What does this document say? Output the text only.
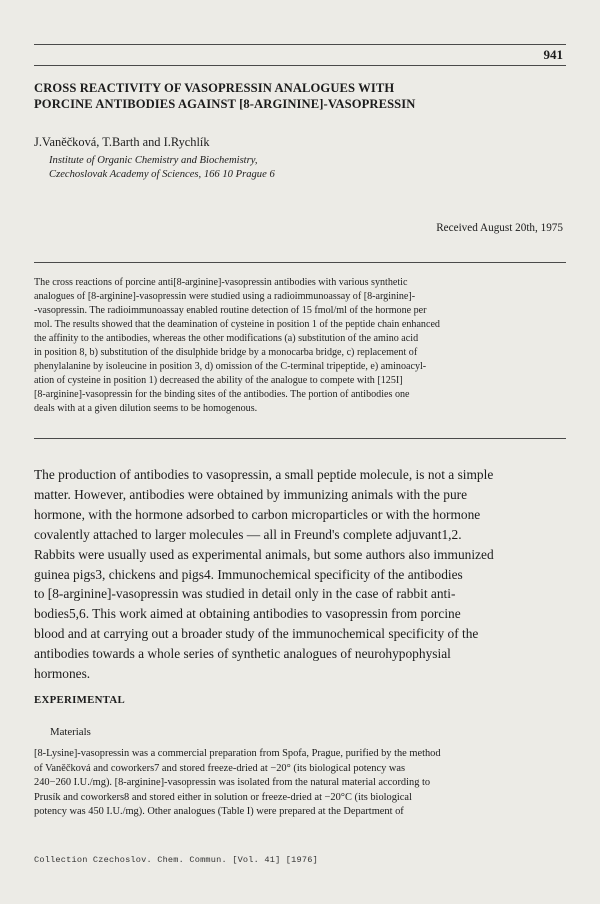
941
CROSS REACTIVITY OF VASOPRESSIN ANALOGUES WITH
PORCINE ANTIBODIES AGAINST [8-ARGININE]-VASOPRESSIN
J.Vaněčková, T.Barth and I.Rychlík
Institute of Organic Chemistry and Biochemistry,
Czechoslovak Academy of Sciences, 166 10 Prague 6
Received August 20th, 1975
The cross reactions of porcine anti[8-arginine]-vasopressin antibodies with various synthetic
analogues of [8-arginine]-vasopressin were studied using a radioimmunoassay of [8-arginine]-
-vasopressin. The radioimmunoassay enabled routine detection of 15 fmol/ml of the hormone per
mol. The results showed that the deamination of cysteine in position 1 of the peptide chain enhanced
the affinity to the antibodies, whereas the other modifications (a) substitution of the amino acid
in position 8, b) substitution of the disulphide bridge by a monocarba bridge, c) replacement of
phenylalanine by isoleucine in position 3, d) omission of the C-terminal tripeptide, e) aminoacyl-
ation of cysteine in position 1) decreased the ability of the analogue to compete with [125I]
[8-arginine]-vasopressin for the binding sites of the antibodies. The portion of antibodies one
deals with at a given dilution seems to be homogenous.
The production of antibodies to vasopressin, a small peptide molecule, is not a simple
matter. However, antibodies were obtained by immunizing animals with the pure
hormone, with the hormone adsorbed to carbon microparticles or with the hormone
covalently attached to larger molecules — all in Freund's complete adjuvant1,2.
Rabbits were usually used as experimental animals, but some authors also immunized
guinea pigs3, chickens and pigs4. Immunochemical specificity of the antibodies
to [8-arginine]-vasopressin was studied in detail only in the case of rabbit anti-
bodies5,6. This work aimed at obtaining antibodies to vasopressin from porcine
blood and at carrying out a broader study of the immunochemical specificity of the
antibodies towards a whole series of synthetic analogues of neurohypophysial
hormones.
EXPERIMENTAL
Materials
[8-Lysine]-vasopressin was a commercial preparation from Spofa, Prague, purified by the method
of Vaněčková and coworkers7 and stored freeze-dried at −20° (its biological potency was
240−260 I.U./mg). [8-arginine]-vasopressin was isolated from the natural material according to
Prusík and coworkers8 and stored either in solution or freeze-dried at −20°C (its biological
potency was 450 I.U./mg). Other analogues (Table I) were prepared at the Department of
Collection Czechoslov. Chem. Commun. [Vol. 41] [1976]
